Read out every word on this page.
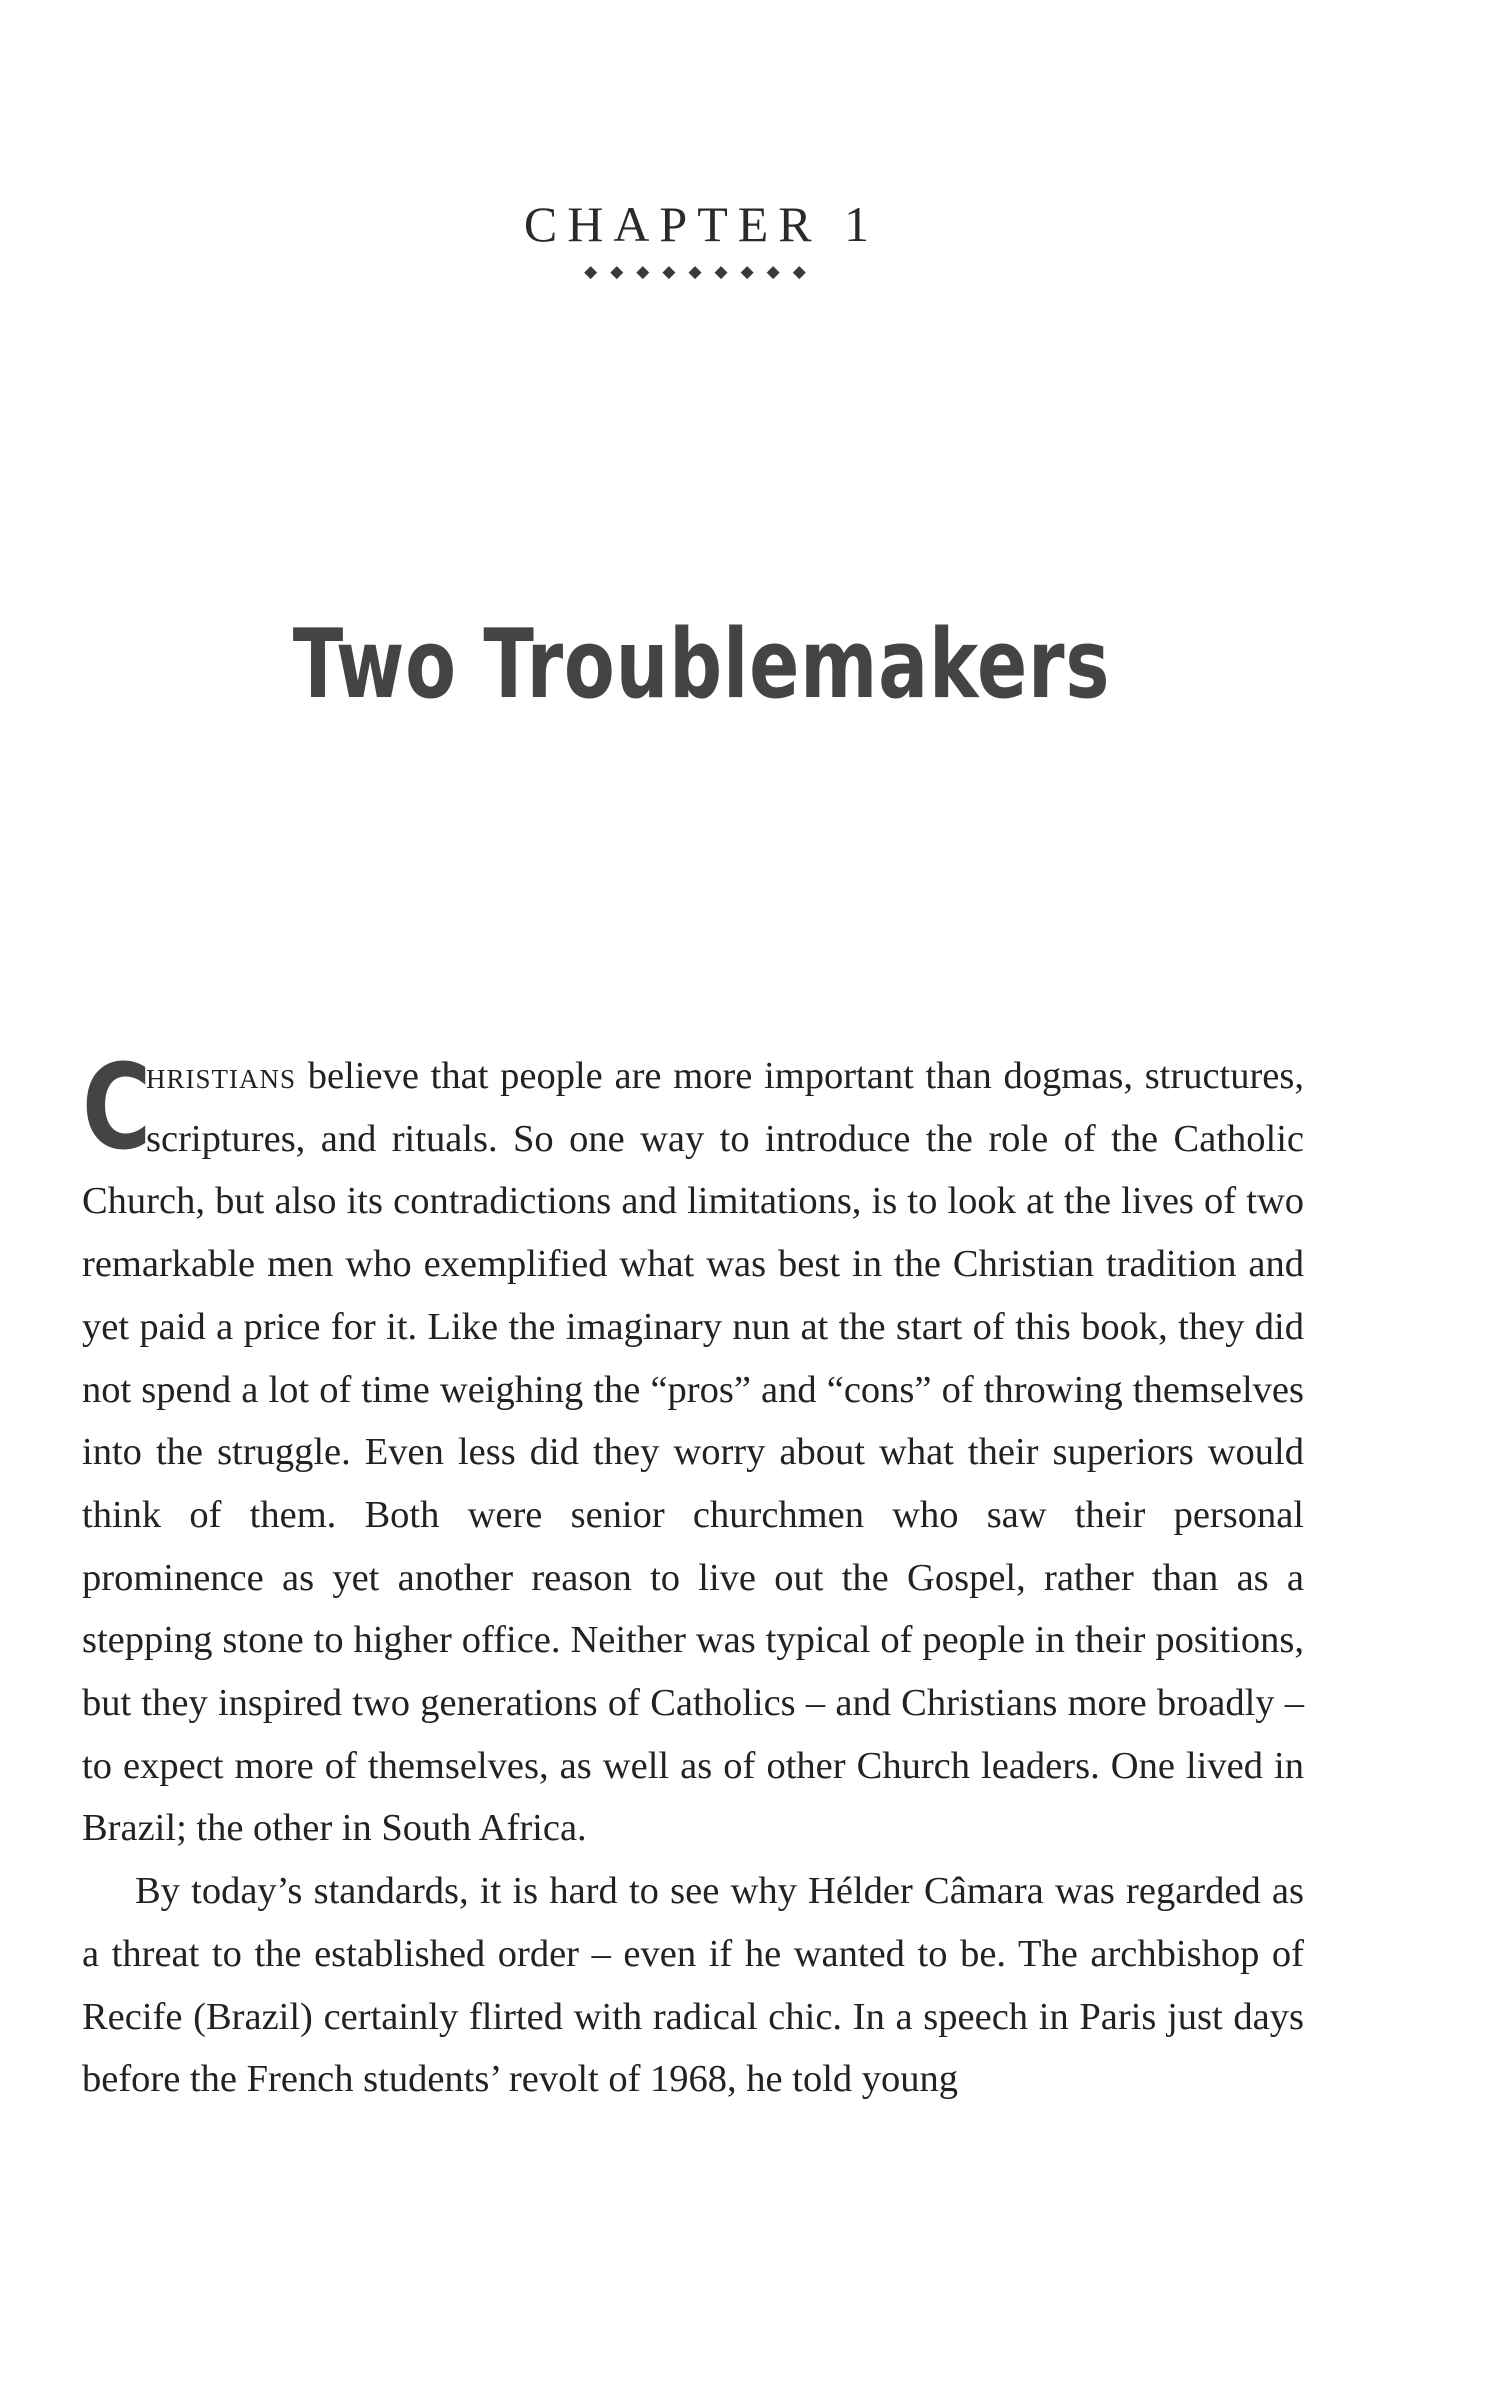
CHAPTER 1
◆◆◆◆◆◆◆◆◆
Two Troublemakers

C
hristians believe that people are more important than dogmas, structures, scriptures, and rituals. So one way to introduce the role of the Catholic Church, but also its contradictions and limitations, is to look at the lives of two remarkable men who exemplified what was best in the Christian tradition and yet paid a price for it. Like the imaginary nun at the start of this book, they did not spend a lot of time weighing the “pros” and “cons” of throwing themselves into the struggle. Even less did they worry about what their superiors would think of them. Both were senior churchmen who saw their personal prominence as yet another reason to live out the Gospel, rather than as a stepping stone to higher office. Neither was typical of people in their positions, but they inspired two generations of Catholics – and Christians more broadly – to expect more of themselves, as well as of other Church leaders. One lived in Brazil; the other in South Africa.

By today’s standards, it is hard to see why Hélder Câmara was regarded as a threat to the established order – even if he wanted to be. The archbishop of Recife (Brazil) certainly flirted with radical chic. In a speech in Paris just days before the French students’ revolt of 1968, he told young
